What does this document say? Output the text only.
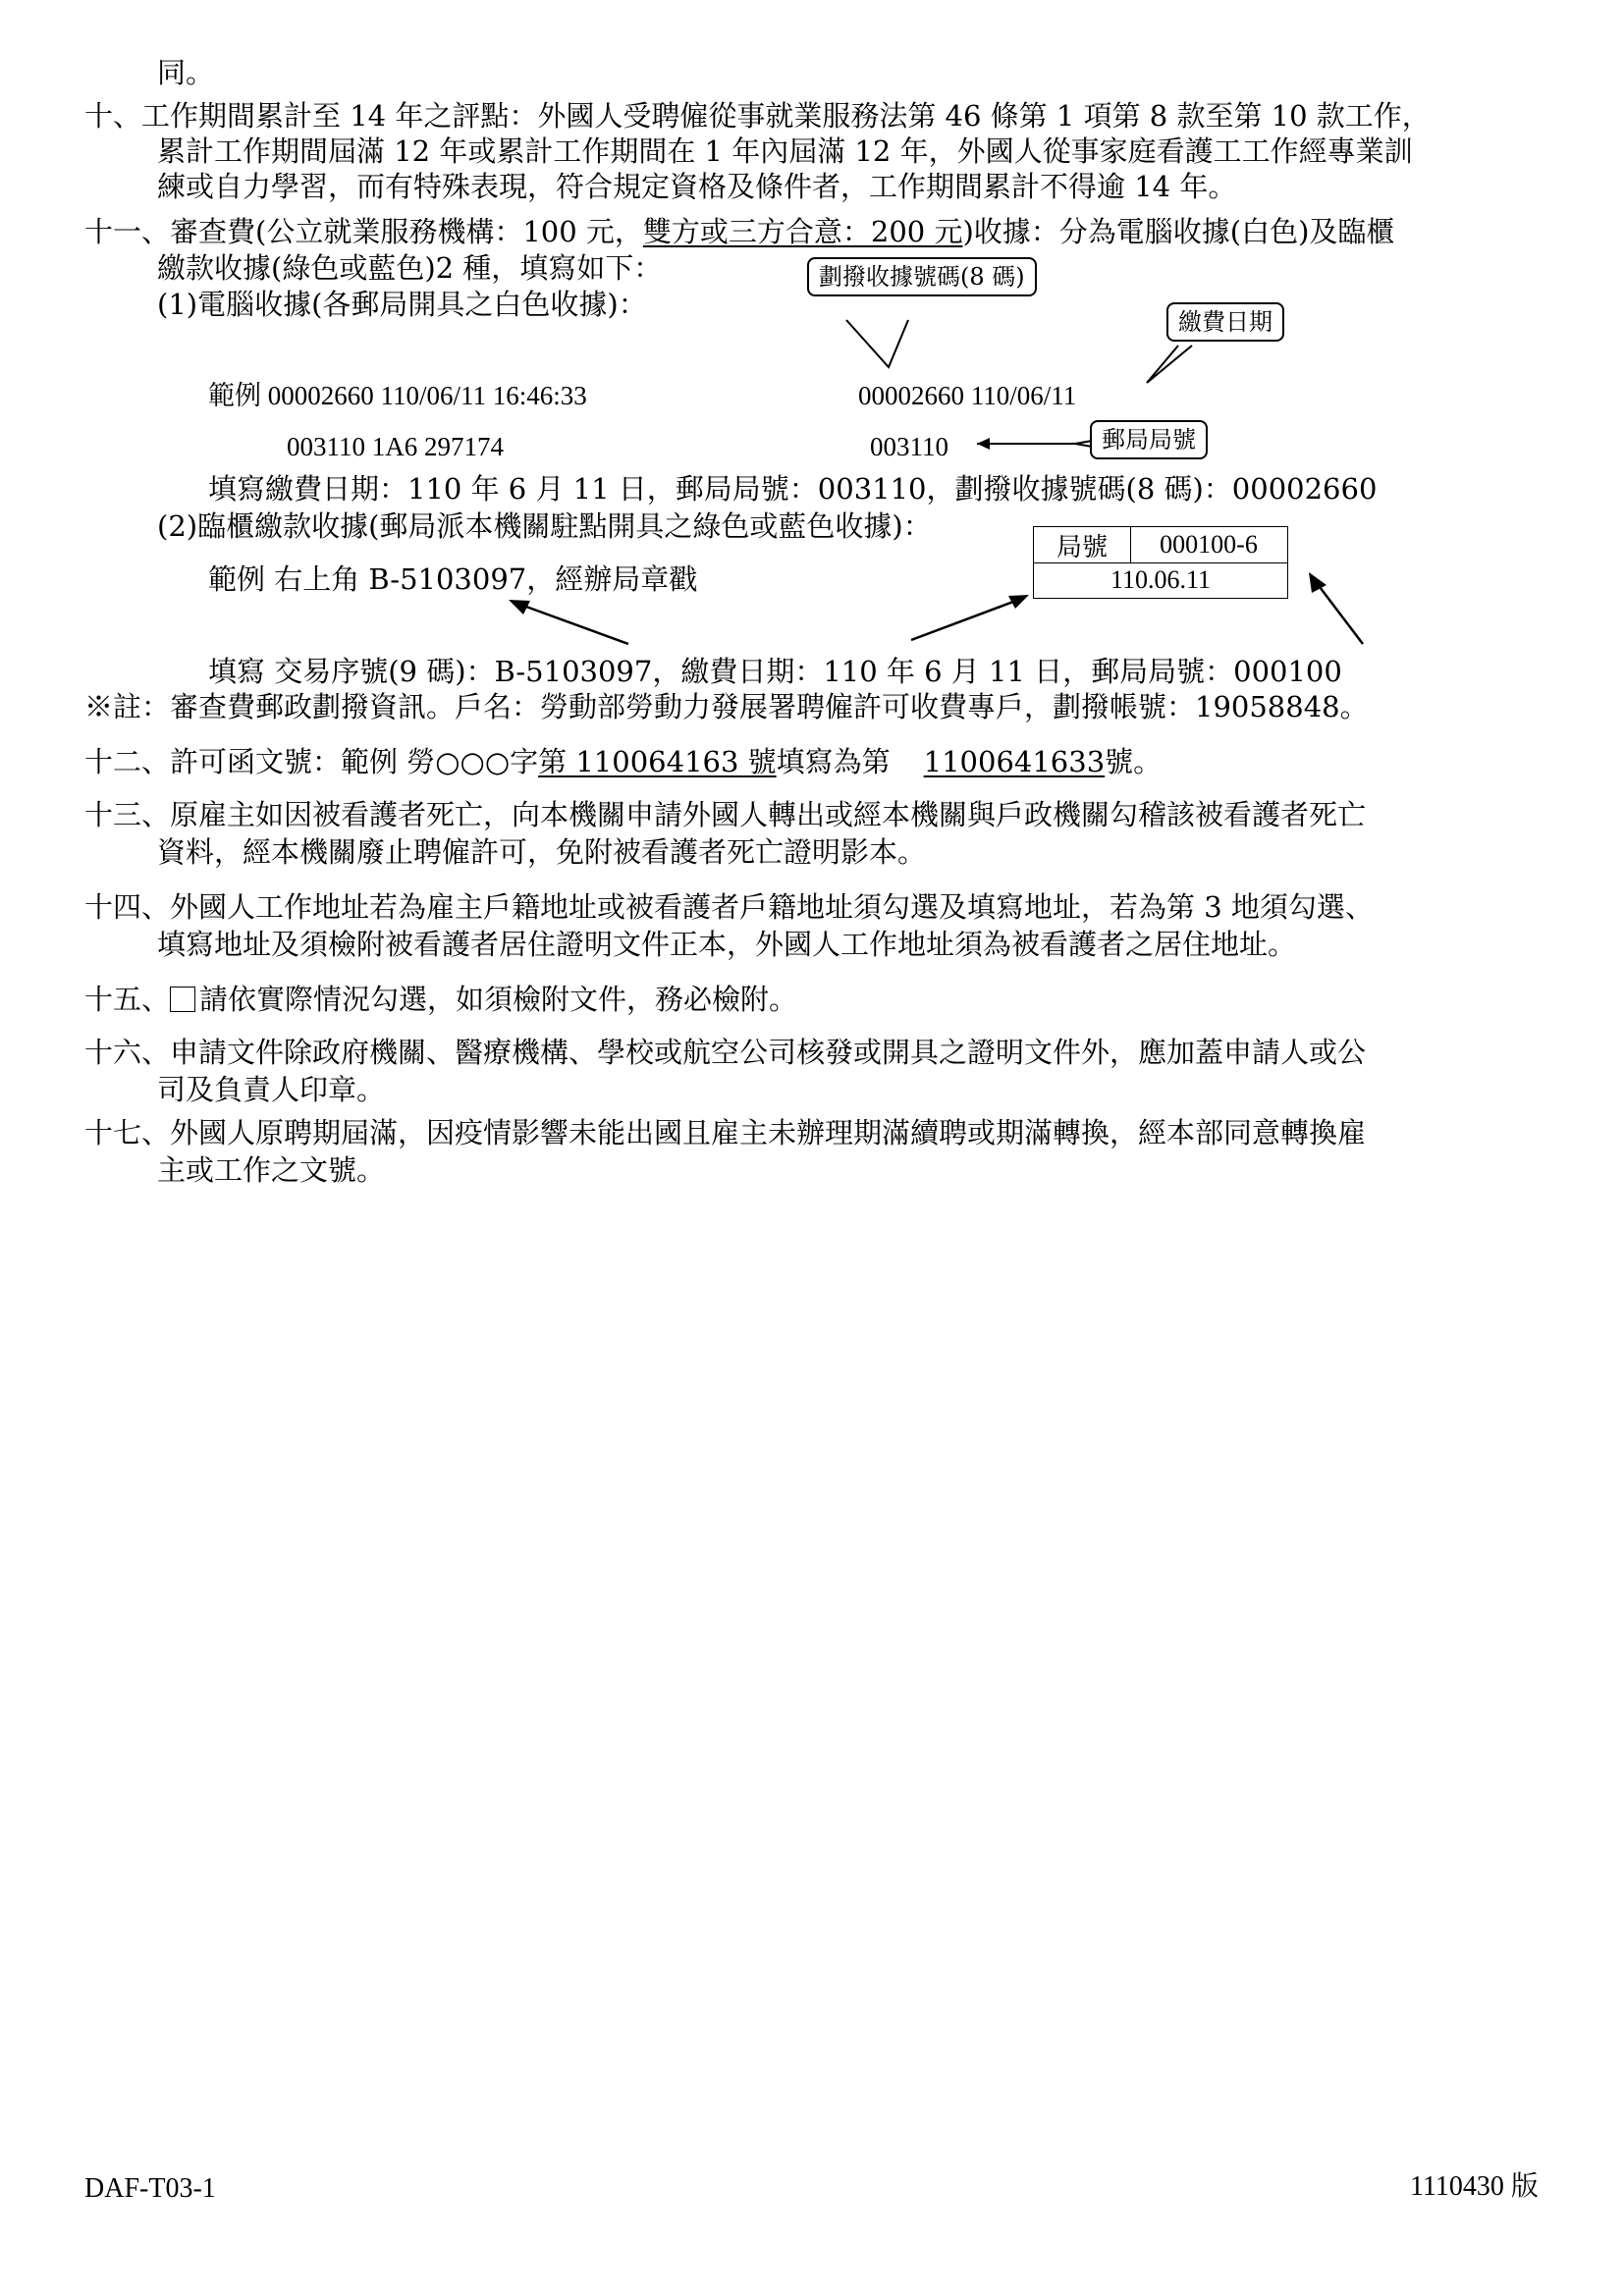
同。
十、工作期間累計至 14 年之評點：外國人受聘僱從事就業服務法第 46 條第 1 項第 8 款至第 10 款工作，
累計工作期間屆滿 12 年或累計工作期間在 1 年內屆滿 12 年，外國人從事家庭看護工工作經專業訓
練或自力學習，而有特殊表現，符合規定資格及條件者，工作期間累計不得逾 14 年。
十一、審查費(公立就業服務機構：100 元，雙方或三方合意：200 元)收據：分為電腦收據(白色)及臨櫃
繳款收據(綠色或藍色)2 種，填寫如下：
(1)電腦收據(各郵局開具之白色收據)：
劃撥收據號碼(8 碼)
繳費日期
範例 00002660 110/06/11 16:46:33	00002660 110/06/11
003110 1A6 297174	003110	郵局局號
填寫繳費日期：110 年 6 月 11 日，郵局局號：003110，劃撥收據號碼(8 碼)：00002660
(2)臨櫃繳款收據(郵局派本機關駐點開具之綠色或藍色收據)：
局號	000100-6
110.06.11
範例 右上角 B-5103097，經辦局章戳
填寫 交易序號(9 碼)：B-5103097，繳費日期：110 年 6 月 11 日，郵局局號：000100
※註：審查費郵政劃撥資訊。戶名：勞動部勞動力發展署聘僱許可收費專戶，劃撥帳號：19058848。
十二、許可函文號：範例 勞○○○字第 110064163 號填寫為第 1100641633號。
十三、原雇主如因被看護者死亡，向本機關申請外國人轉出或經本機關與戶政機關勾稽該被看護者死亡
資料，經本機關廢止聘僱許可，免附被看護者死亡證明影本。
十四、外國人工作地址若為雇主戶籍地址或被看護者戶籍地址須勾選及填寫地址，若為第 3 地須勾選、
填寫地址及須檢附被看護者居住證明文件正本，外國人工作地址須為被看護者之居住地址。
十五、 請依實際情況勾選，如須檢附文件，務必檢附。
十六、申請文件除政府機關、醫療機構、學校或航空公司核發或開具之證明文件外，應加蓋申請人或公
司及負責人印章。
十七、外國人原聘期屆滿，因疫情影響未能出國且雇主未辦理期滿續聘或期滿轉換，經本部同意轉換雇
主或工作之文號。
DAF-T03-1	1110430 版
